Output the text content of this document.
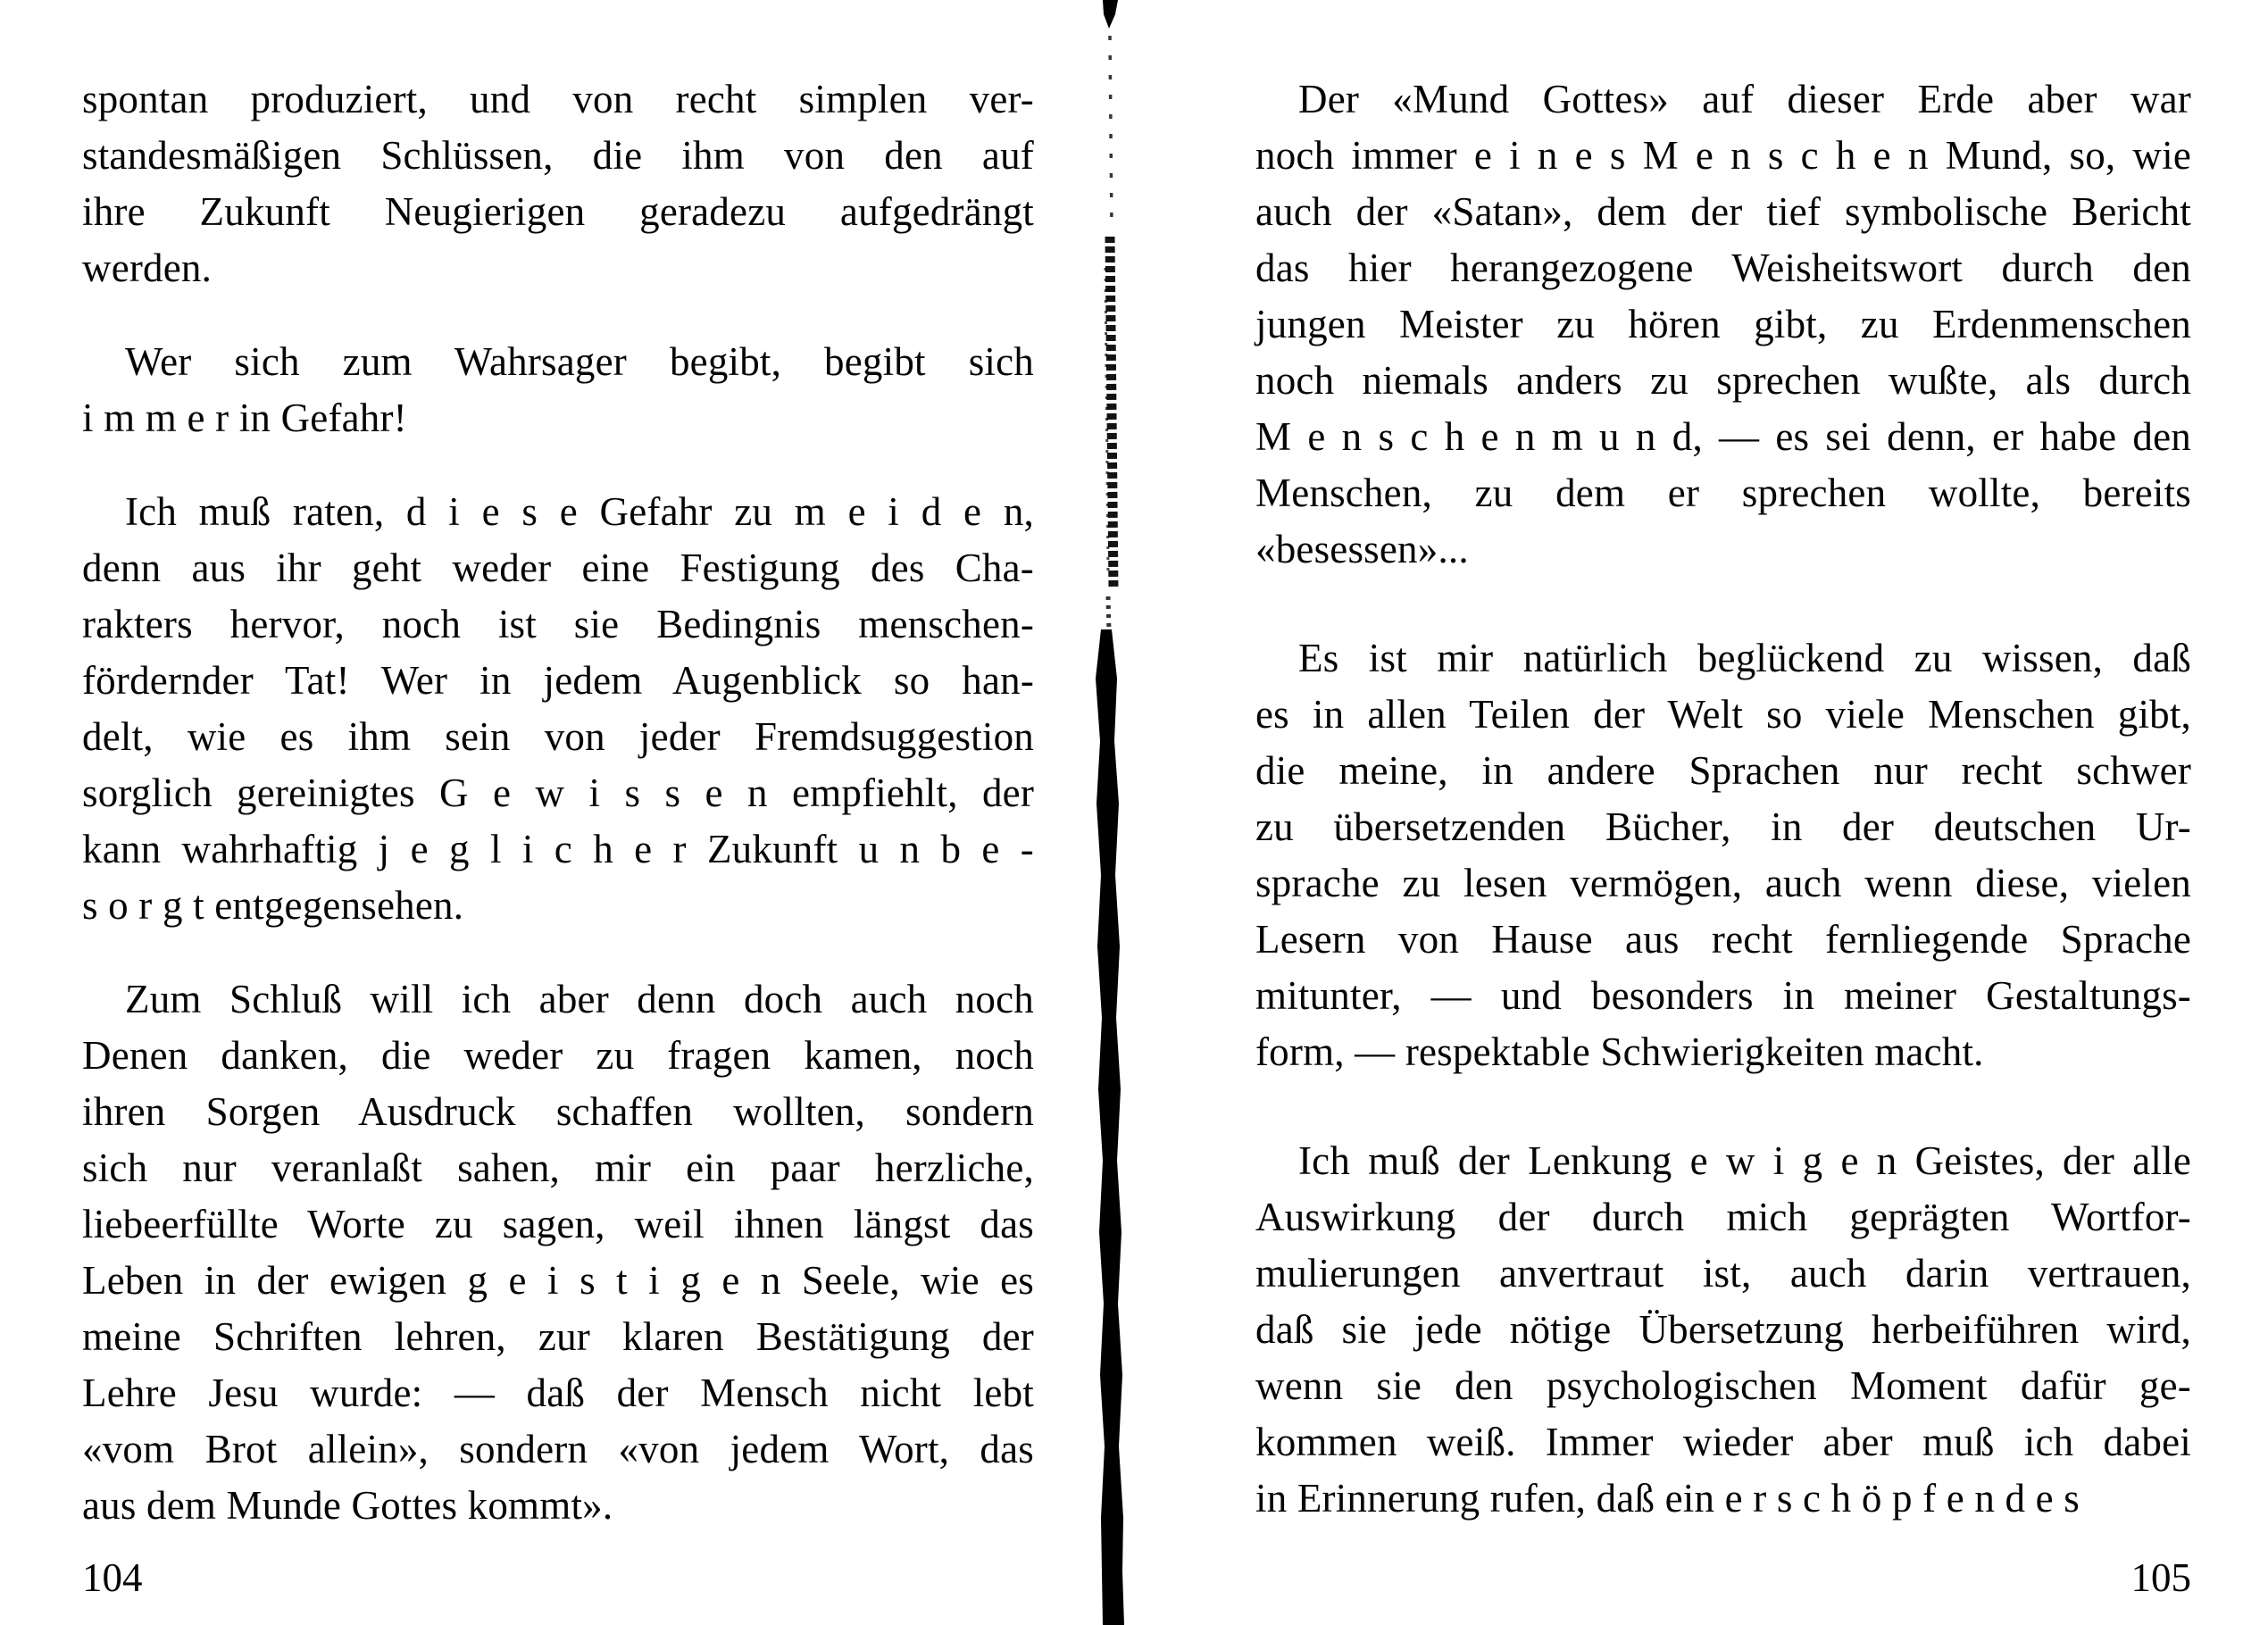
spontan produziert, und von recht simplen ver-
standesmäßigen Schlüssen, die ihm von den auf
ihre Zukunft Neugierigen geradezu aufgedrängt
werden.
Wer sich zum Wahrsager begibt, begibt sich
i m m e r in Gefahr!
Ich muß raten, d i e s e Gefahr zu m e i d e n,
denn aus ihr geht weder eine Festigung des Cha-
rakters hervor, noch ist sie Bedingnis menschen-
fördernder Tat! Wer in jedem Augenblick so han-
delt, wie es ihm sein von jeder Fremdsuggestion
sorglich gereinigtes G e w i s s e n empfiehlt, der
kann wahrhaftig j e g l i c h e r Zukunft u n b e -
s o r g t entgegensehen.
Zum Schluß will ich aber denn doch auch noch
Denen danken, die weder zu fragen kamen, noch
ihren Sorgen Ausdruck schaffen wollten, sondern
sich nur veranlaßt sahen, mir ein paar herzliche,
liebeerfüllte Worte zu sagen, weil ihnen längst das
Leben in der ewigen g e i s t i g e n Seele, wie es
meine Schriften lehren, zur klaren Bestätigung der
Lehre Jesu wurde: — daß der Mensch nicht lebt
«vom Brot allein», sondern «von jedem Wort, das
aus dem Munde Gottes kommt».
104
Der «Mund Gottes» auf dieser Erde aber war
noch immer e i n e s M e n s c h e n Mund, so, wie
auch der «Satan», dem der tief symbolische Bericht
das hier herangezogene Weisheitswort durch den
jungen Meister zu hören gibt, zu Erdenmenschen
noch niemals anders zu sprechen wußte, als durch
M e n s c h e n m u n d, — es sei denn, er habe den
Menschen, zu dem er sprechen wollte, bereits
«besessen»...
Es ist mir natürlich beglückend zu wissen, daß
es in allen Teilen der Welt so viele Menschen gibt,
die meine, in andere Sprachen nur recht schwer
zu übersetzenden Bücher, in der deutschen Ur-
sprache zu lesen vermögen, auch wenn diese, vielen
Lesern von Hause aus recht fernliegende Sprache
mitunter, — und besonders in meiner Gestaltungs-
form, — respektable Schwierigkeiten macht.
Ich muß der Lenkung e w i g e n Geistes, der alle
Auswirkung der durch mich geprägten Wortfor-
mulierungen anvertraut ist, auch darin vertrauen,
daß sie jede nötige Übersetzung herbeiführen wird,
wenn sie den psychologischen Moment dafür ge-
kommen weiß. Immer wieder aber muß ich dabei
in Erinnerung rufen, daß ein e r s c h ö p f e n d e s
105
